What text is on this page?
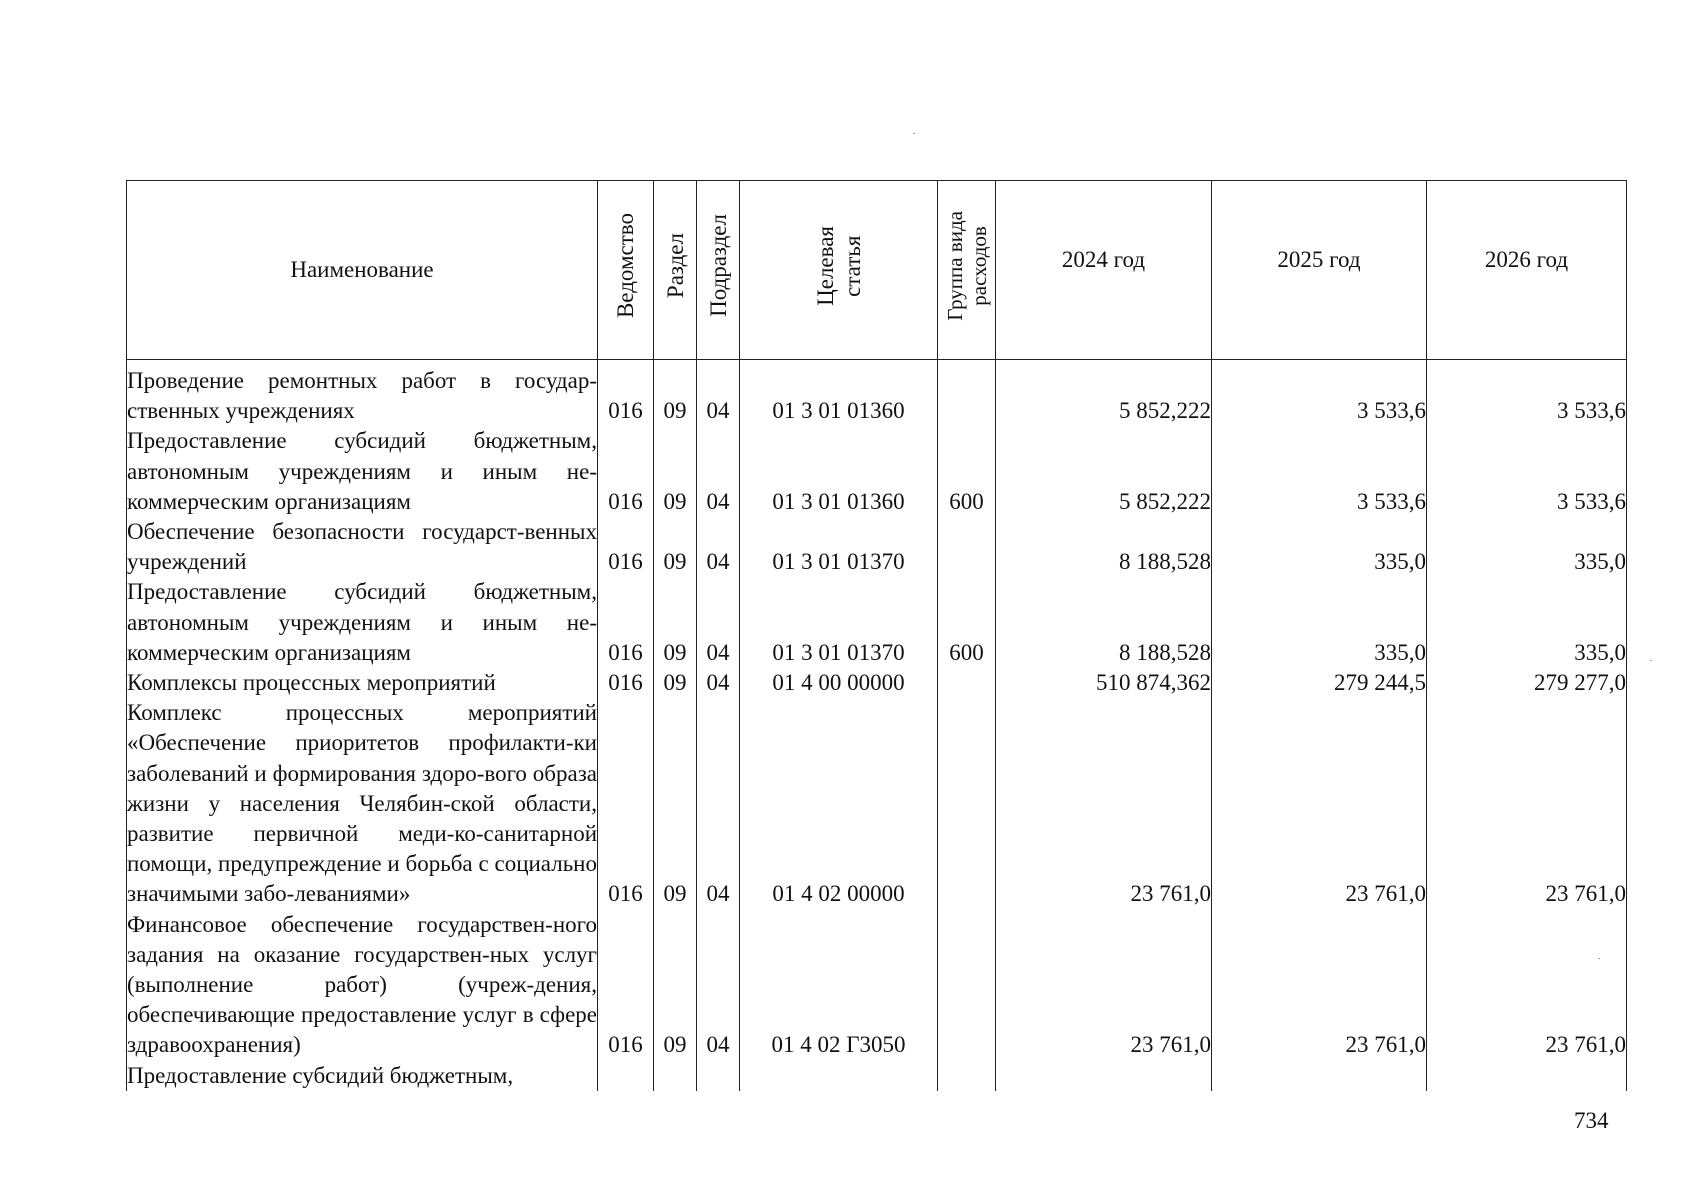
Наименование	Ведомство	Раздел	Подраздел	Целевая
статья	Группа вида
расходов	2024 год	2025 год	2026 год
Проведение ремонтных работ в государ-ственных учреждениях	016	09	04	01 3 01 01360		5 852,222	3 533,6	3 533,6
Предоставление субсидий бюджетным, автономным учреждениям и иным не-коммерческим организациям	016	09	04	01 3 01 01360	600	5 852,222	3 533,6	3 533,6
Обеспечение безопасности государст-венных учреждений	016	09	04	01 3 01 01370		8 188,528	335,0	335,0
Предоставление субсидий бюджетным, автономным учреждениям и иным не-коммерческим организациям	016	09	04	01 3 01 01370	600	8 188,528	335,0	335,0
Комплексы процессных мероприятий	016	09	04	01 4 00 00000		510 874,362	279 244,5	279 277,0
Комплекс процессных мероприятий «Обеспечение приоритетов профилакти-ки заболеваний и формирования здоро-вого образа жизни у населения Челябин-ской области, развитие первичной меди-ко-санитарной помощи, предупреждение и борьба с социально значимыми забо-леваниями»	016	09	04	01 4 02 00000		23 761,0	23 761,0	23 761,0
Финансовое обеспечение государствен-ного задания на оказание государствен-ных услуг (выполнение работ) (учреж-дения, обеспечивающие предоставление услуг в сфере здравоохранения)	016	09	04	01 4 02 Г3050		23 761,0	23 761,0	23 761,0
Предоставление субсидий бюджетным,								
734
